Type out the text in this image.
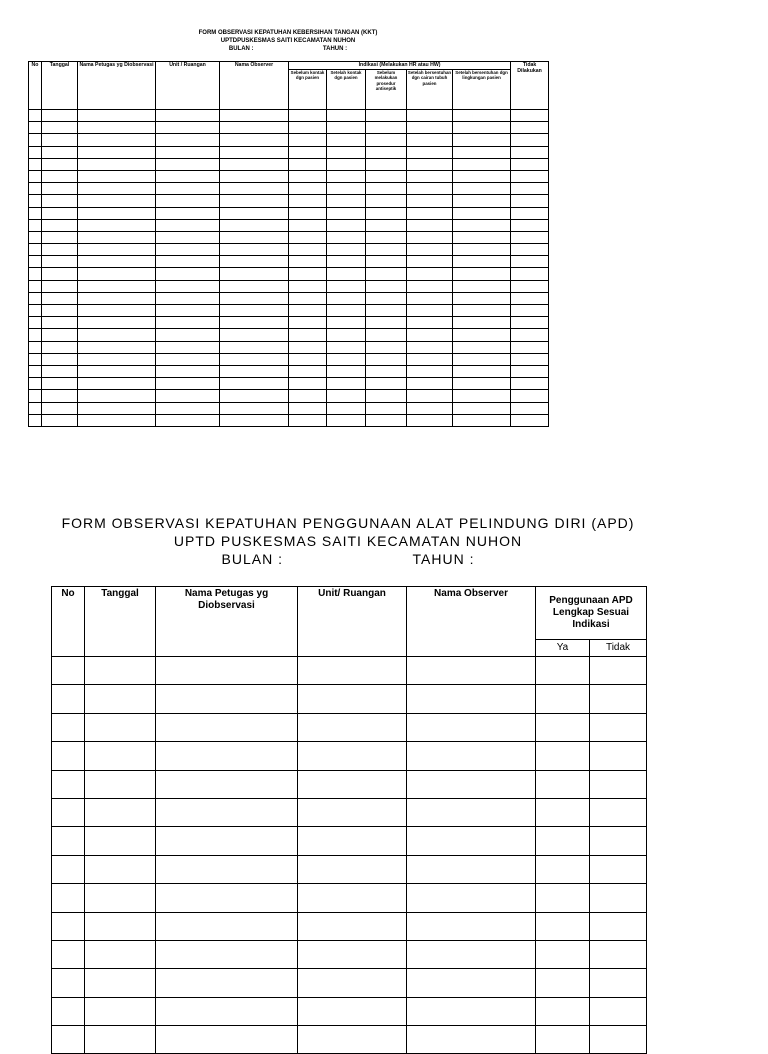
FORM OBSERVASI KEPATUHAN KEBERSIHAN TANGAN (KKT)
UPTDPUSKESMAS SAITI KECAMATAN NUHON
BULAN :	TAHUN :
No	Tanggal	Nama Petugas yg Diobservasi	Unit / Ruangan	Nama Observer	Indikasi (Melakukan HR atau HW)					Tidak Dilakukan
					Sebelum kontak dgn pasien	Setelah kontak dgn pasien	Sebelum melakukan prosedur antiseptik	Setelah bersentuhan dgn cairan tubuh pasien	Setelah bersentuhan dgn lingkungan pasien	

FORM OBSERVASI KEPATUHAN PENGGUNAAN ALAT PELINDUNG DIRI (APD)
UPTD PUSKESMAS SAITI KECAMATAN NUHON
BULAN :	TAHUN :
No	Tanggal	Nama Petugas yg Diobservasi	Unit/ Ruangan	Nama Observer	Penggunaan APD Lengkap Sesuai Indikasi	
					Ya	Tidak
